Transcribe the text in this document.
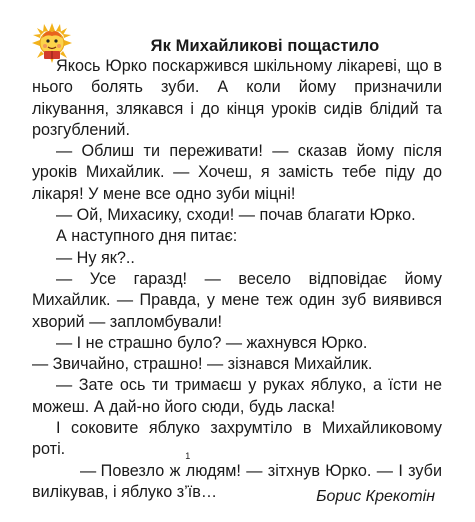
Як Михайликові пощастило

Якось Юрко поскаржився шкільному лікареві, що в нього болять зуби. А коли йому призначили лікування, злякався і до кінця уроків сидів блідий та розгублений.

— Облиш ти переживати! — сказав йому після уроків Михайлик. — Хочеш, я замість тебе піду до лікаря! У мене все одно зуби міцні!

— Ой, Михасику, сходи! — почав благати Юрко.

А наступного дня питає:

— Ну як?..

— Усе гаразд! — весело відповідає йому Михайлик. — Правда, у мене теж один зуб виявився хворий — запломбували!

— І не страшно було? — жахнувся Юрко.

— Звичайно, страшно! — зізнався Михайлик.

— Зате ось ти тримаєш у руках яблуко, а їсти не можеш. А дай-но його сюди, будь ласка!

І соковите яблуко захрумтіло в Михайликовому роті.

— Повезло
1
ж людям! — зітхнув Юрко. — І зуби вилікував, і яблуко з’їв…	Борис Крекотін
